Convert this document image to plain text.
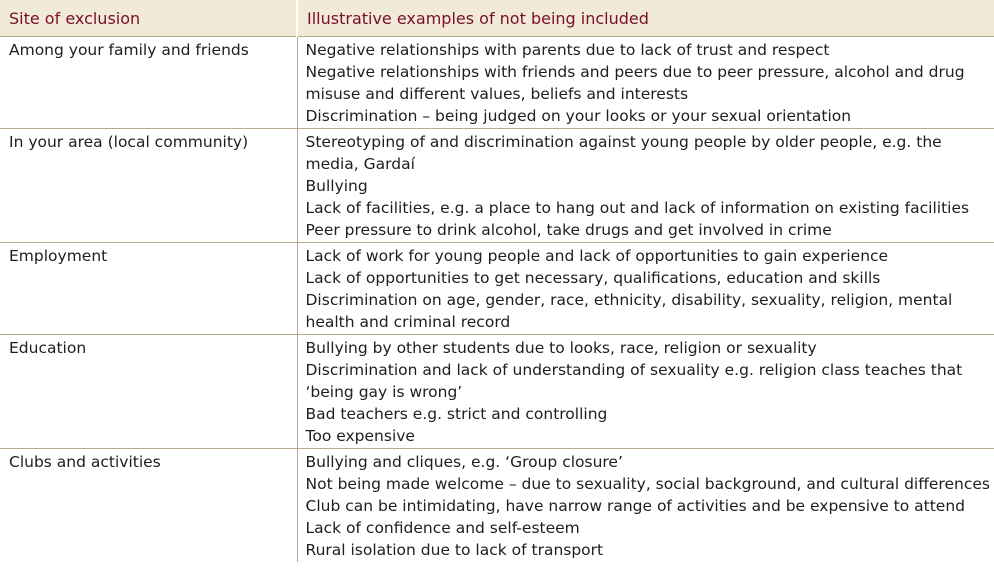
Site of exclusion	Illustrative examples of not being included
Among your family and friends	Negative relationships with parents due to lack of trust and respect
Negative relationships with friends and peers due to peer pressure, alcohol and drug misuse and different values, beliefs and interests
Discrimination – being judged on your looks or your sexual orientation

In your area (local community)	Stereotyping of and discrimination against young people by older people, e.g. the media, Gardaí
Bullying
Lack of facilities, e.g. a place to hang out and lack of information on existing facilities
Peer pressure to drink alcohol, take drugs and get involved in crime

Employment	Lack of work for young people and lack of opportunities to gain experience
Lack of opportunities to get necessary, qualifications, education and skills
Discrimination on age, gender, race, ethnicity, disability, sexuality, religion, mental health and criminal record

Education	Bullying by other students due to looks, race, religion or sexuality
Discrimination and lack of understanding of sexuality e.g. religion class teaches that ‘being gay is wrong’
Bad teachers e.g. strict and controlling
Too expensive

Clubs and activities	Bullying and cliques, e.g. ‘Group closure’
Not being made welcome – due to sexuality, social background, and cultural differences
Club can be intimidating, have narrow range of activities and be expensive to attend
Lack of confidence and self-esteem
Rural isolation due to lack of transport
